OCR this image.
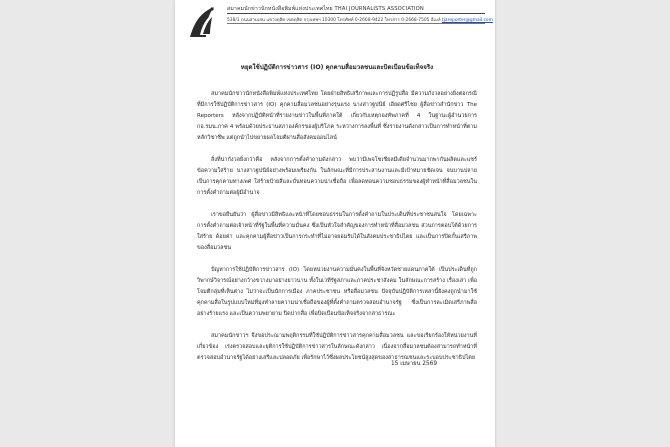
สมาคมนักข่าวนักหนังสือพิมพ์แห่งประเทศไทย THAI JOURNALISTS ASSOCIATION
538/1 ถนนสามเสน แขวงดุสิต เขตดุสิต กรุงเทพฯ 10300 โทรศัพท์ 0-2668-9422 โทรสาร 0-2668-7505 อีเมล์ tjareporter@gmail.com
หยุดใช้ปฏิบัติการข่าวสาร (IO) คุกคามสื่อมวลชนและบิดเบือนข้อเท็จจริง

สมาคมนักข่าวนักหนังสือพิมพ์แห่งประเทศไทย โดยฝ่ายสิทธิเสรีภาพและการปฏิรูปสื่อ มีความกังวลอย่างยิ่งต่อกรณีที่มีการใช้ปฏิบัติการข่าวสาร (IO) คุกคามสื่อมวลชนอย่างรุนแรง นางสาวฐปนีย์ เอียดศรีไชย ผู้สื่อข่าวสำนักข่าว The Reporters หลังจากปฏิบัติหน้าที่รายงานข่าวในพื้นที่ภาคใต้ เกี่ยวกับเหตุกองทัพภาคที่ 4 ในฐานะผู้อำนวยการ กอ.รมน.ภาค 4 พร้อมด้วยประธานสภาองค์กรของผู้บริโภค ระหว่างการลงพื้นที่ ซึ่งรายงานดังกล่าวเป็นการทำหน้าที่ตามหลักวิชาชีพ แต่ถูกนำไปขยายผลโจมตีผ่านสื่อสังคมออนไลน์

สิ่งที่น่ากังวลยิ่งกว่าคือ หลังจากการตั้งคำถามดังกล่าว พบว่ามีเพจโซเชียลมีเดียจำนวนมากพากันผลิตและแชร์ข้อความใส่ร้าย นางสาวฐปนีย์อย่างพร้อมเพรียงกัน ในลักษณะที่มีการประสานงานและมีเป้าหมายชัดเจน จนบานปลายเป็นการคุกคามทางเพศ ใส่ร้ายป้ายสีและบั่นทอนความน่าเชื่อถือ เพื่อลดทอนความชอบธรรมของผู้ทำหน้าที่สื่อมวลชนในการตั้งคำถามต่อผู้มีอำนาจ

เราขอยืนยันว่า ผู้สื่อข่าวมีสิทธิและหน้าที่โดยชอบธรรมในการตั้งคำถามในประเด็นที่ประชาชนสนใจ โดยเฉพาะการตั้งคำถามต่อเจ้าหน้าที่รัฐในพื้นที่ความมั่นคง ซึ่งเป็นหัวใจสำคัญของการทำหน้าที่สื่อมวลชน ส่วนการตอบโต้ด้วยการใส่ร้าย ด้อยค่า และคุกคามผู้สื่อข่าวเป็นการกระทำที่ไม่อาจยอมรับได้ในสังคมประชาธิปไตย และเป็นการปิดกั้นเสรีภาพของสื่อมวลชน

ปัญหาการใช้ปฏิบัติการข่าวสาร (IO) โดยหน่วยงานความมั่นคงในพื้นที่จังหวัดชายแดนภาคใต้ เป็นประเด็นที่ถูกวิพากษ์วิจารณ์อย่างกว้างขวางมาอย่างยาวนาน ทั้งในเวทีรัฐสภาและภาคประชาสังคม ในลักษณะการสร้าง เรื่องเล่า เพื่อโจมตีกลุ่มที่เห็นต่าง ไม่ว่าจะเป็นนักการเมือง ภาคประชาชน หรือสื่อมวลชน ปัจจุบันปฏิบัติการเหล่านี้ยังคงถูกนำมาใช้คุกคามสื่อในรูปแบบใหม่ที่มุ่งทำลายความน่าเชื่อถือของผู้ที่ตั้งคำถามตรวจสอบอำนาจรัฐ ซึ่งเป็นการละเมิดเสรีภาพสื่ออย่างร้ายแรง และเป็นความพยายาม ปิดปากสื่อ เพื่อบิดเบือนข้อเท็จจริงจากสาธารณะ

สมาคมนักข่าวฯ จึงขอประณามพฤติกรรมที่ใช้ปฏิบัติการข่าวสารคุกคามสื่อมวลชน และขอเรียกร้องให้หน่วยงานที่เกี่ยวข้อง เร่งตรวจสอบและยุติการใช้ปฏิบัติการข่าวสารในลักษณะดังกล่าว เนื่องจากสื่อมวลชนต้องสามารถทำหน้าที่ตรวจสอบอำนาจรัฐได้อย่างเสรีและปลอดภัย เพื่อรักษาไว้ซึ่งผลประโยชน์สูงสุดของสาธารณชนและระบอบประชาธิปไตย

15 เมษายน 2569
